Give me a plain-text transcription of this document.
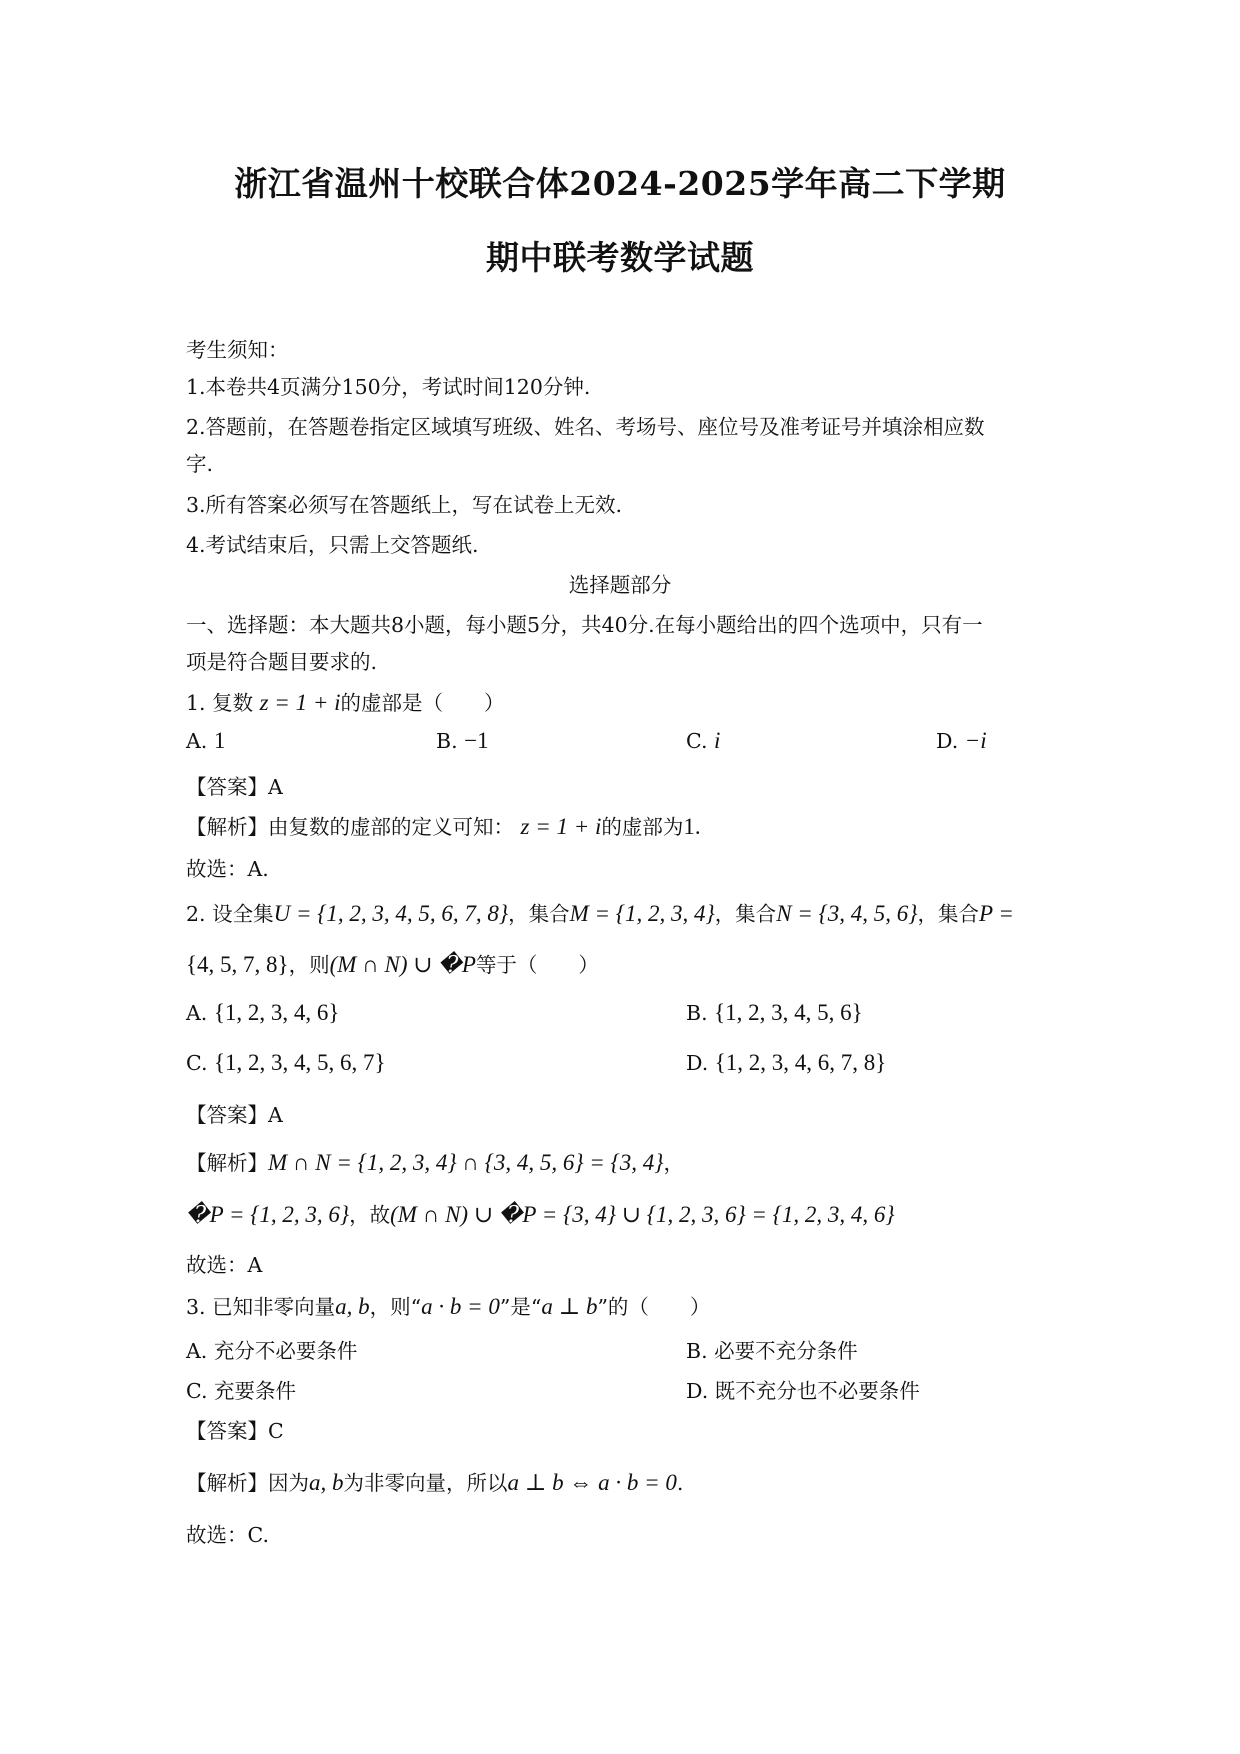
浙江省温州十校联合体2024-2025学年高二下学期
期中联考数学试题
考生须知：
1.本卷共4页满分150分，考试时间120分钟.
2.答题前，在答题卷指定区域填写班级、姓名、考场号、座位号及准考证号并填涂相应数
字.
3.所有答案必须写在答题纸上，写在试卷上无效.
4.考试结束后，只需上交答题纸.
选择题部分
一、选择题：本大题共8小题，每小题5分，共40分.在每小题给出的四个选项中，只有一
项是符合题目要求的.
1. 复数 z = 1 + i的虚部是（　　）
A. 1	B. −1	C. i	D. −i
【答案】A
【解析】由复数的虚部的定义可知： z = 1 + i的虚部为1.
故选：A.
2. 设全集U = {1, 2, 3, 4, 5, 6, 7, 8}，集合M = {1, 2, 3, 4}，集合N = {3, 4, 5, 6}，集合P =
{4, 5, 7, 8}，则(M ∩ N) ∪ �P等于（　　）
A. {1, 2, 3, 4, 6}	B. {1, 2, 3, 4, 5, 6}
C. {1, 2, 3, 4, 5, 6, 7}	D. {1, 2, 3, 4, 6, 7, 8}
【答案】A
【解析】M ∩ N = {1, 2, 3, 4} ∩ {3, 4, 5, 6} = {3, 4}，
�P = {1, 2, 3, 6}，故(M ∩ N) ∪ �P = {3, 4} ∪ {1, 2, 3, 6} = {1, 2, 3, 4, 6}
故选：A
3. 已知非零向量a, b，则“a · b = 0”是“a ⊥ b”的（　　）
A. 充分不必要条件	B. 必要不充分条件
C. 充要条件	D. 既不充分也不必要条件
【答案】C
【解析】因为a, b为非零向量，所以a ⊥ b ⇔ a · b = 0.
故选：C.
